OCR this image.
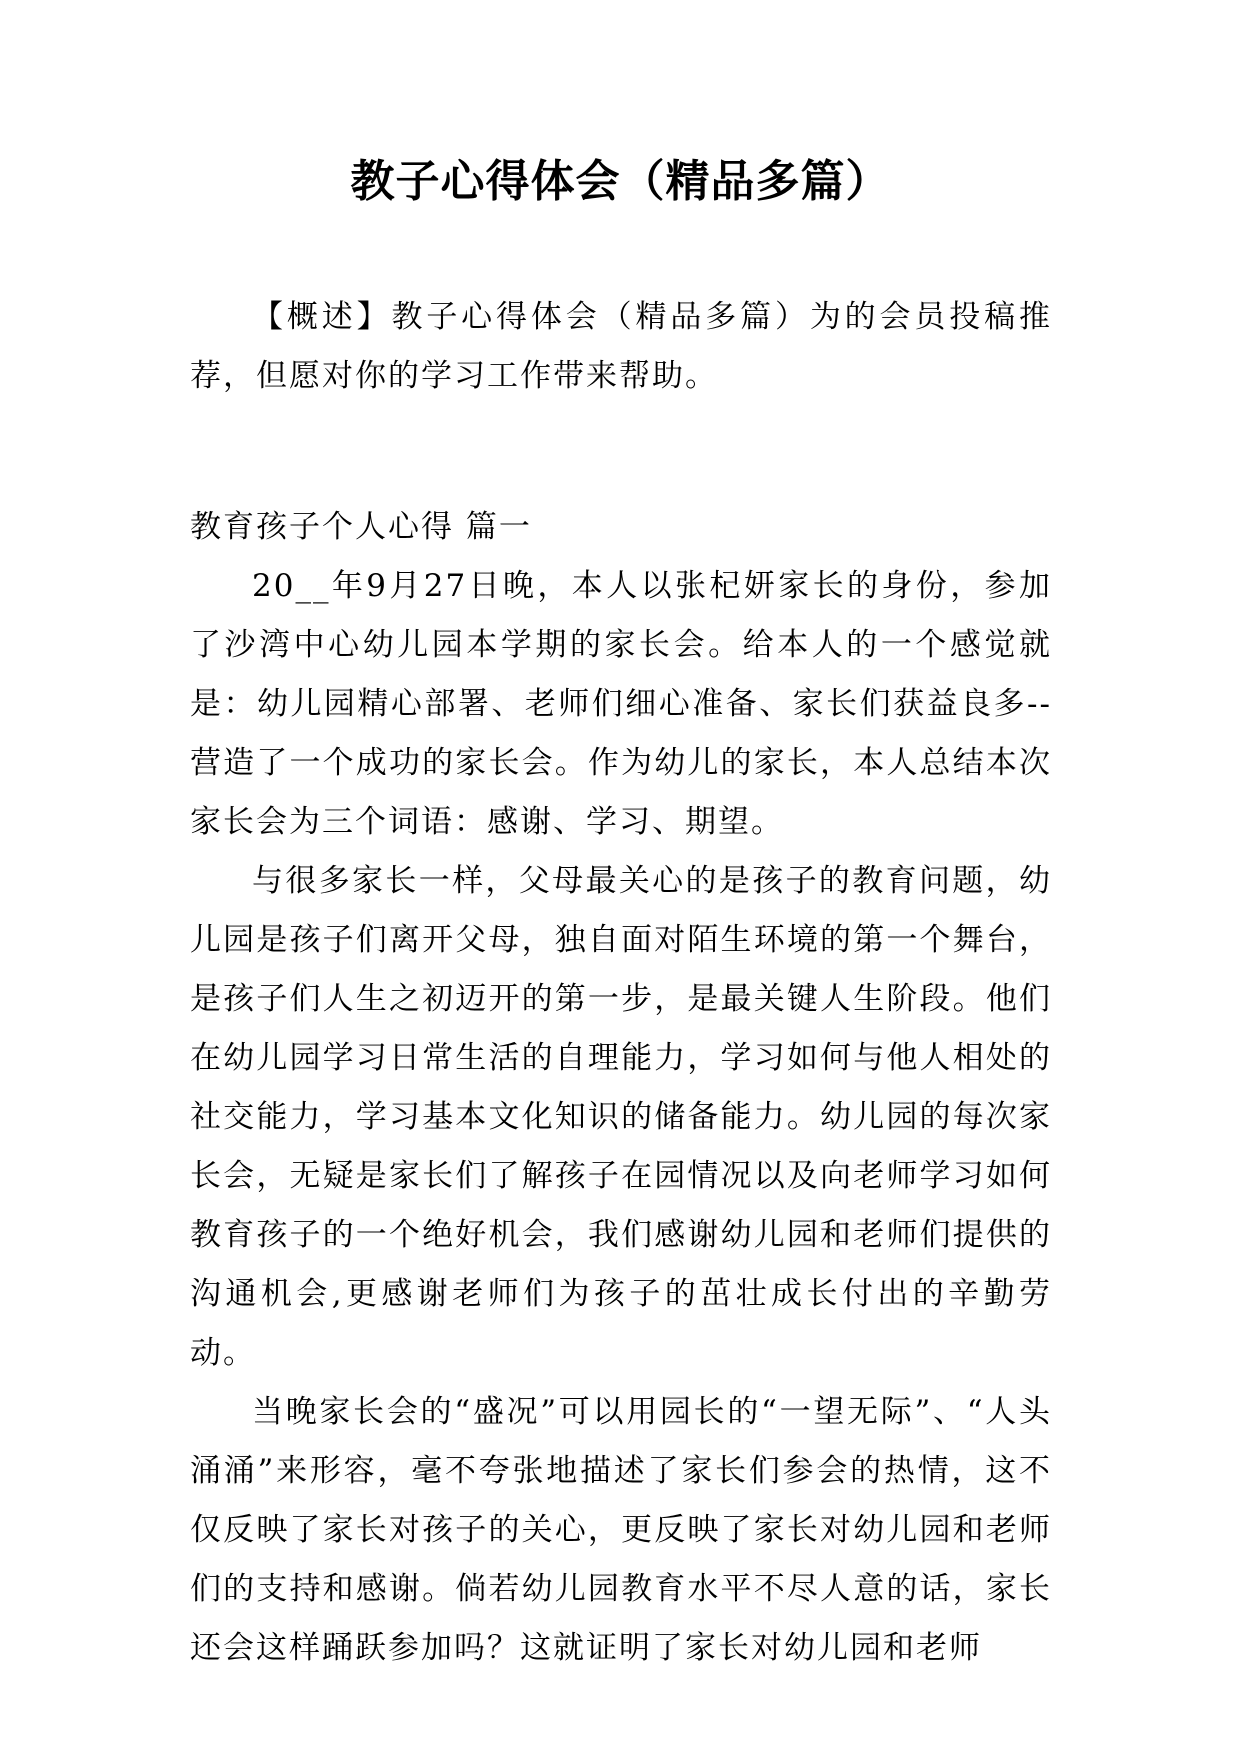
教子心得体会（精品多篇）

【概述】教子心得体会（精品多篇）为的会员投稿推荐，但愿对你的学习工作带来帮助。

教育孩子个人心得 篇一

20__年9月27日晚，本人以张杞妍家长的身份，参加了沙湾中心幼儿园本学期的家长会。给本人的一个感觉就是：幼儿园精心部署、老师们细心准备、家长们获益良多--营造了一个成功的家长会。作为幼儿的家长，本人总结本次家长会为三个词语：感谢、学习、期望。

与很多家长一样，父母最关心的是孩子的教育问题，幼儿园是孩子们离开父母，独自面对陌生环境的第一个舞台，是孩子们人生之初迈开的第一步，是最关键人生阶段。他们在幼儿园学习日常生活的自理能力，学习如何与他人相处的社交能力，学习基本文化知识的储备能力。幼儿园的每次家长会，无疑是家长们了解孩子在园情况以及向老师学习如何教育孩子的一个绝好机会，我们感谢幼儿园和老师们提供的沟通机会,更感谢老师们为孩子的茁壮成长付出的辛勤劳动。

当晚家长会的“盛况”可以用园长的“一望无际”、“人头涌涌”来形容，毫不夸张地描述了家长们参会的热情，这不仅反映了家长对孩子的关心，更反映了家长对幼儿园和老师们的支持和感谢。倘若幼儿园教育水平不尽人意的话，家长还会这样踊跃参加吗？这就证明了家长对幼儿园和老师
